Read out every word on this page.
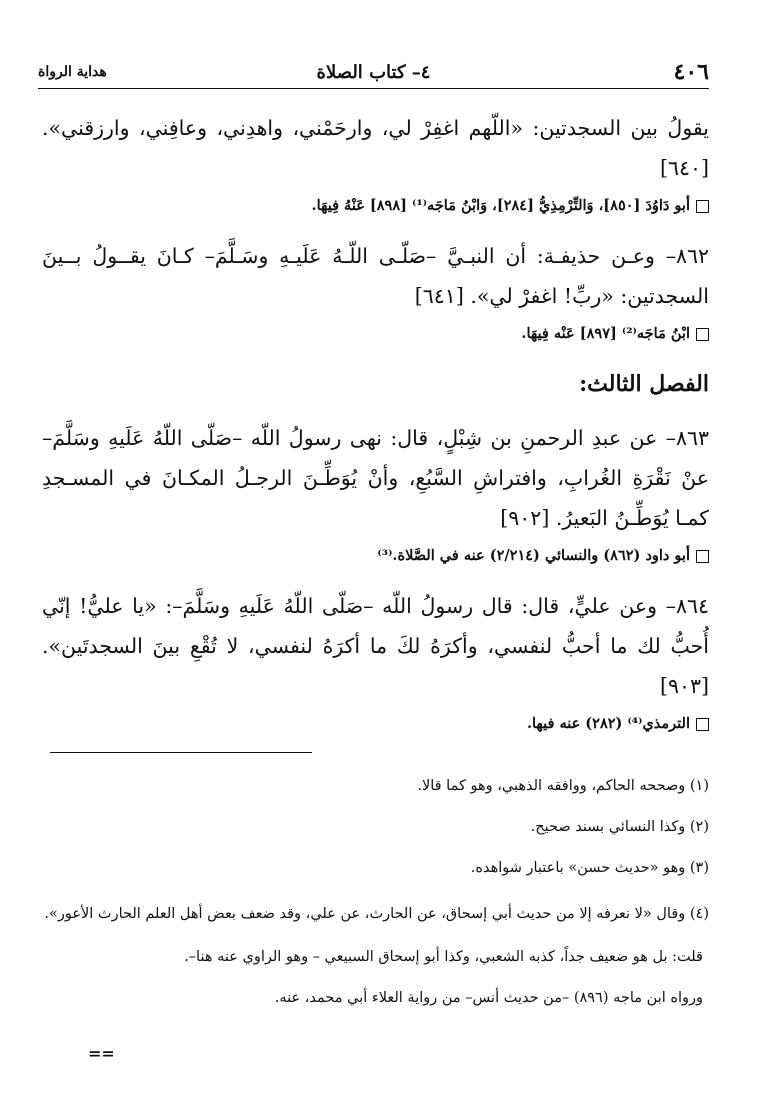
٤٠٦
٤– كتاب الصلاة
هداية الرواة

يقولُ بين السجدتين: «اللّهم اغفِرْ لي، وارحَمْني، واهدِني، وعافِني، وارزقني». [٦٤٠]

أبو دَاوُدَ [٨٥٠]، وَالتِّرْمِذِيُّ [٢٨٤]، وَابْنُ مَاجَه⁽¹⁾ [٨٩٨] عَنْهُ فِيهَا.

٨٦٢– وعـن حذيفـة: أن النبـيَّ –صَلّـى اللّـهُ عَلَيـهِ وسَـلَّمَ– كـانَ يقــولُ بــينَ السجدتين: «ربِّ! اغفرْ لي». [٦٤١]

ابْنُ مَاجَه⁽²⁾ [٨٩٧] عَنْه فِيهَا.
الفصل الثالث:

٨٦٣– عن عبدِ الرحمنِ بن شِبْلٍ، قال: نهى رسولُ اللّه –صَلّى اللّهُ عَلَيهِ وسَلَّمَ– عنْ نَقْرَةِ الغُرابِ، وافتراشِ السَّبُعِ، وأنْ يُوَطِّـنَ الرجـلُ المكـانَ في المسـجدِ كمـا يُوَطِّـنُ البَعيرُ. [٩٠٢]

أبو داود (٨٦٢) والنسائي (٢/٢١٤) عنه في الصَّلاة.⁽³⁾

٨٦٤– وعن عليٍّ، قال: قال رسولُ اللّه –صَلّى اللّهُ عَلَيهِ وسَلَّمَ–: «يا عليُّ! إنّي أُحبُّ لك ما أحبُّ لنفسي، وأكرَهُ لكَ ما أكرَهُ لنفسي، لا تُقْعِ بينَ السجدتَين». [٩٠٣]

الترمذي⁽⁴⁾ (٢٨٢) عنه فيها.

(١) وصححه الحاكم، ووافقه الذهبي، وهو كما قالا.

(٢) وكذا النسائي بسند صحيح.

(٣) وهو «حديث حسن» باعتبار شواهده.

(٤) وقال «لا نعرفه إلا من حديث أبي إسحاق، عن الحارث، عن علي، وقد ضعف بعض أهل العلم الحارث الأعور».

قلت: بل هو ضعيف جداً، كذبه الشعبي، وكذا أبو إسحاق السبيعي – وهو الراوي عنه هنا–.

ورواه ابن ماجه (٨٩٦) –من حديث أنس– من رواية العلاء أبي محمد، عنه.

==
